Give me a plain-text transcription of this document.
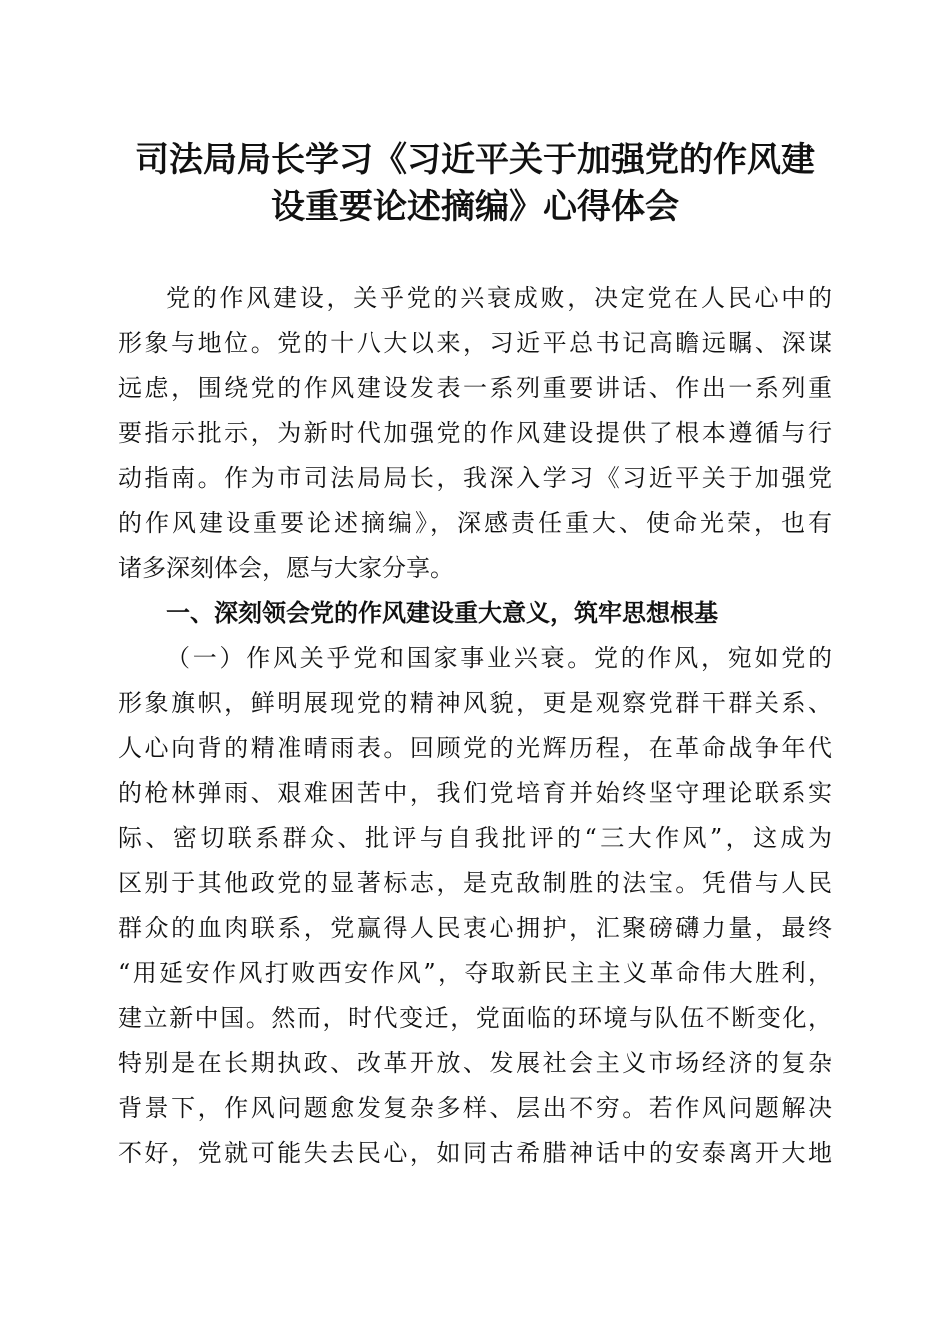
司法局局长学习《习近平关于加强党的作风建
设重要论述摘编》心得体会
党的作风建设，关乎党的兴衰成败，决定党在人民心中的
形象与地位。党的十八大以来，习近平总书记高瞻远瞩、深谋
远虑，围绕党的作风建设发表一系列重要讲话、作出一系列重
要指示批示，为新时代加强党的作风建设提供了根本遵循与行
动指南。作为市司法局局长，我深入学习《习近平关于加强党
的作风建设重要论述摘编》，深感责任重大、使命光荣，也有
诸多深刻体会，愿与大家分享。
一、深刻领会党的作风建设重大意义，筑牢思想根基
（一）作风关乎党和国家事业兴衰。党的作风，宛如党的
形象旗帜，鲜明展现党的精神风貌，更是观察党群干群关系、
人心向背的精准晴雨表。回顾党的光辉历程，在革命战争年代
的枪林弹雨、艰难困苦中，我们党培育并始终坚守理论联系实
际、密切联系群众、批评与自我批评的“三大作风”，这成为
区别于其他政党的显著标志，是克敌制胜的法宝。凭借与人民
群众的血肉联系，党赢得人民衷心拥护，汇聚磅礴力量，最终
“用延安作风打败西安作风”，夺取新民主主义革命伟大胜利，
建立新中国。然而，时代变迁，党面临的环境与队伍不断变化，
特别是在长期执政、改革开放、发展社会主义市场经济的复杂
背景下，作风问题愈发复杂多样、层出不穷。若作风问题解决
不好，党就可能失去民心，如同古希腊神话中的安泰离开大地
